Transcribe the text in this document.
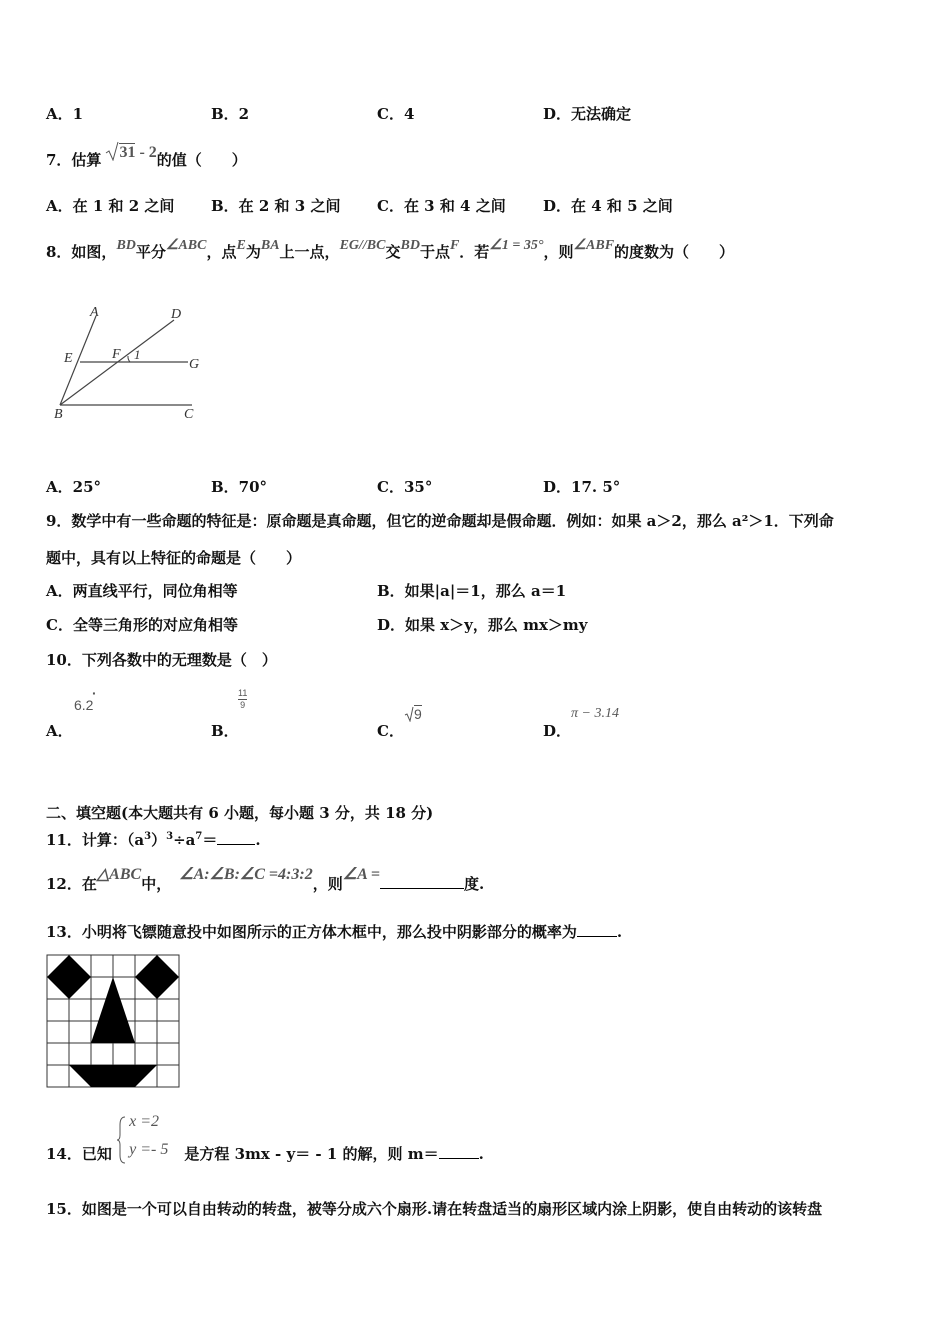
A．1	B．2	C．4	D．无法确定
7．估算 31 - 2的值（　　）
A．在 1 和 2 之间 B．在 2 和 3 之间 C．在 3 和 4 之间 D．在 4 和 5 之间
8．如图，BD平分∠ABC，点E为BA上一点，EG//BC交BD于点F．若∠1 = 35°，则∠ABF的度数为（　　）
A	D
E	F 1
G
B	C
A．25°	B．70°	C．35°	D．17. 5°
9．数学中有一些命题的特征是：原命题是真命题，但它的逆命题却是假命题．例如：如果 a＞2，那么 a²＞1．下列命
题中，具有以上特征的命题是（　　）
A．两直线平行，同位角相等	B．如果|a|＝1，那么 a＝1
C．全等三角形的对应角相等	D．如果 x＞y，那么 mx＞my
10．下列各数中的无理数是（　）
A．
6.2
·
B．
11
9
C．
9
D．
π − 3.14
二、填空题(本大题共有 6 小题，每小题 3 分，共 18 分)
11．计算：$(a^3)^3\div a^7=$	.
12．在△ABC中，∠A:∠B:∠C =4:3:2，则∠A =度.
13．小明将飞镖随意投中如图所示的正方体木框中，那么投中阴影部分的概率为	.
14．已知
x =2
y =- 5 是方程 3mx - y＝ - 1 的解，则 m＝	.
15．如图是一个可以自由转动的转盘，被等分成六个扇形.请在转盘适当的扇形区域内涂上阴影，使自由转动的该转盘
